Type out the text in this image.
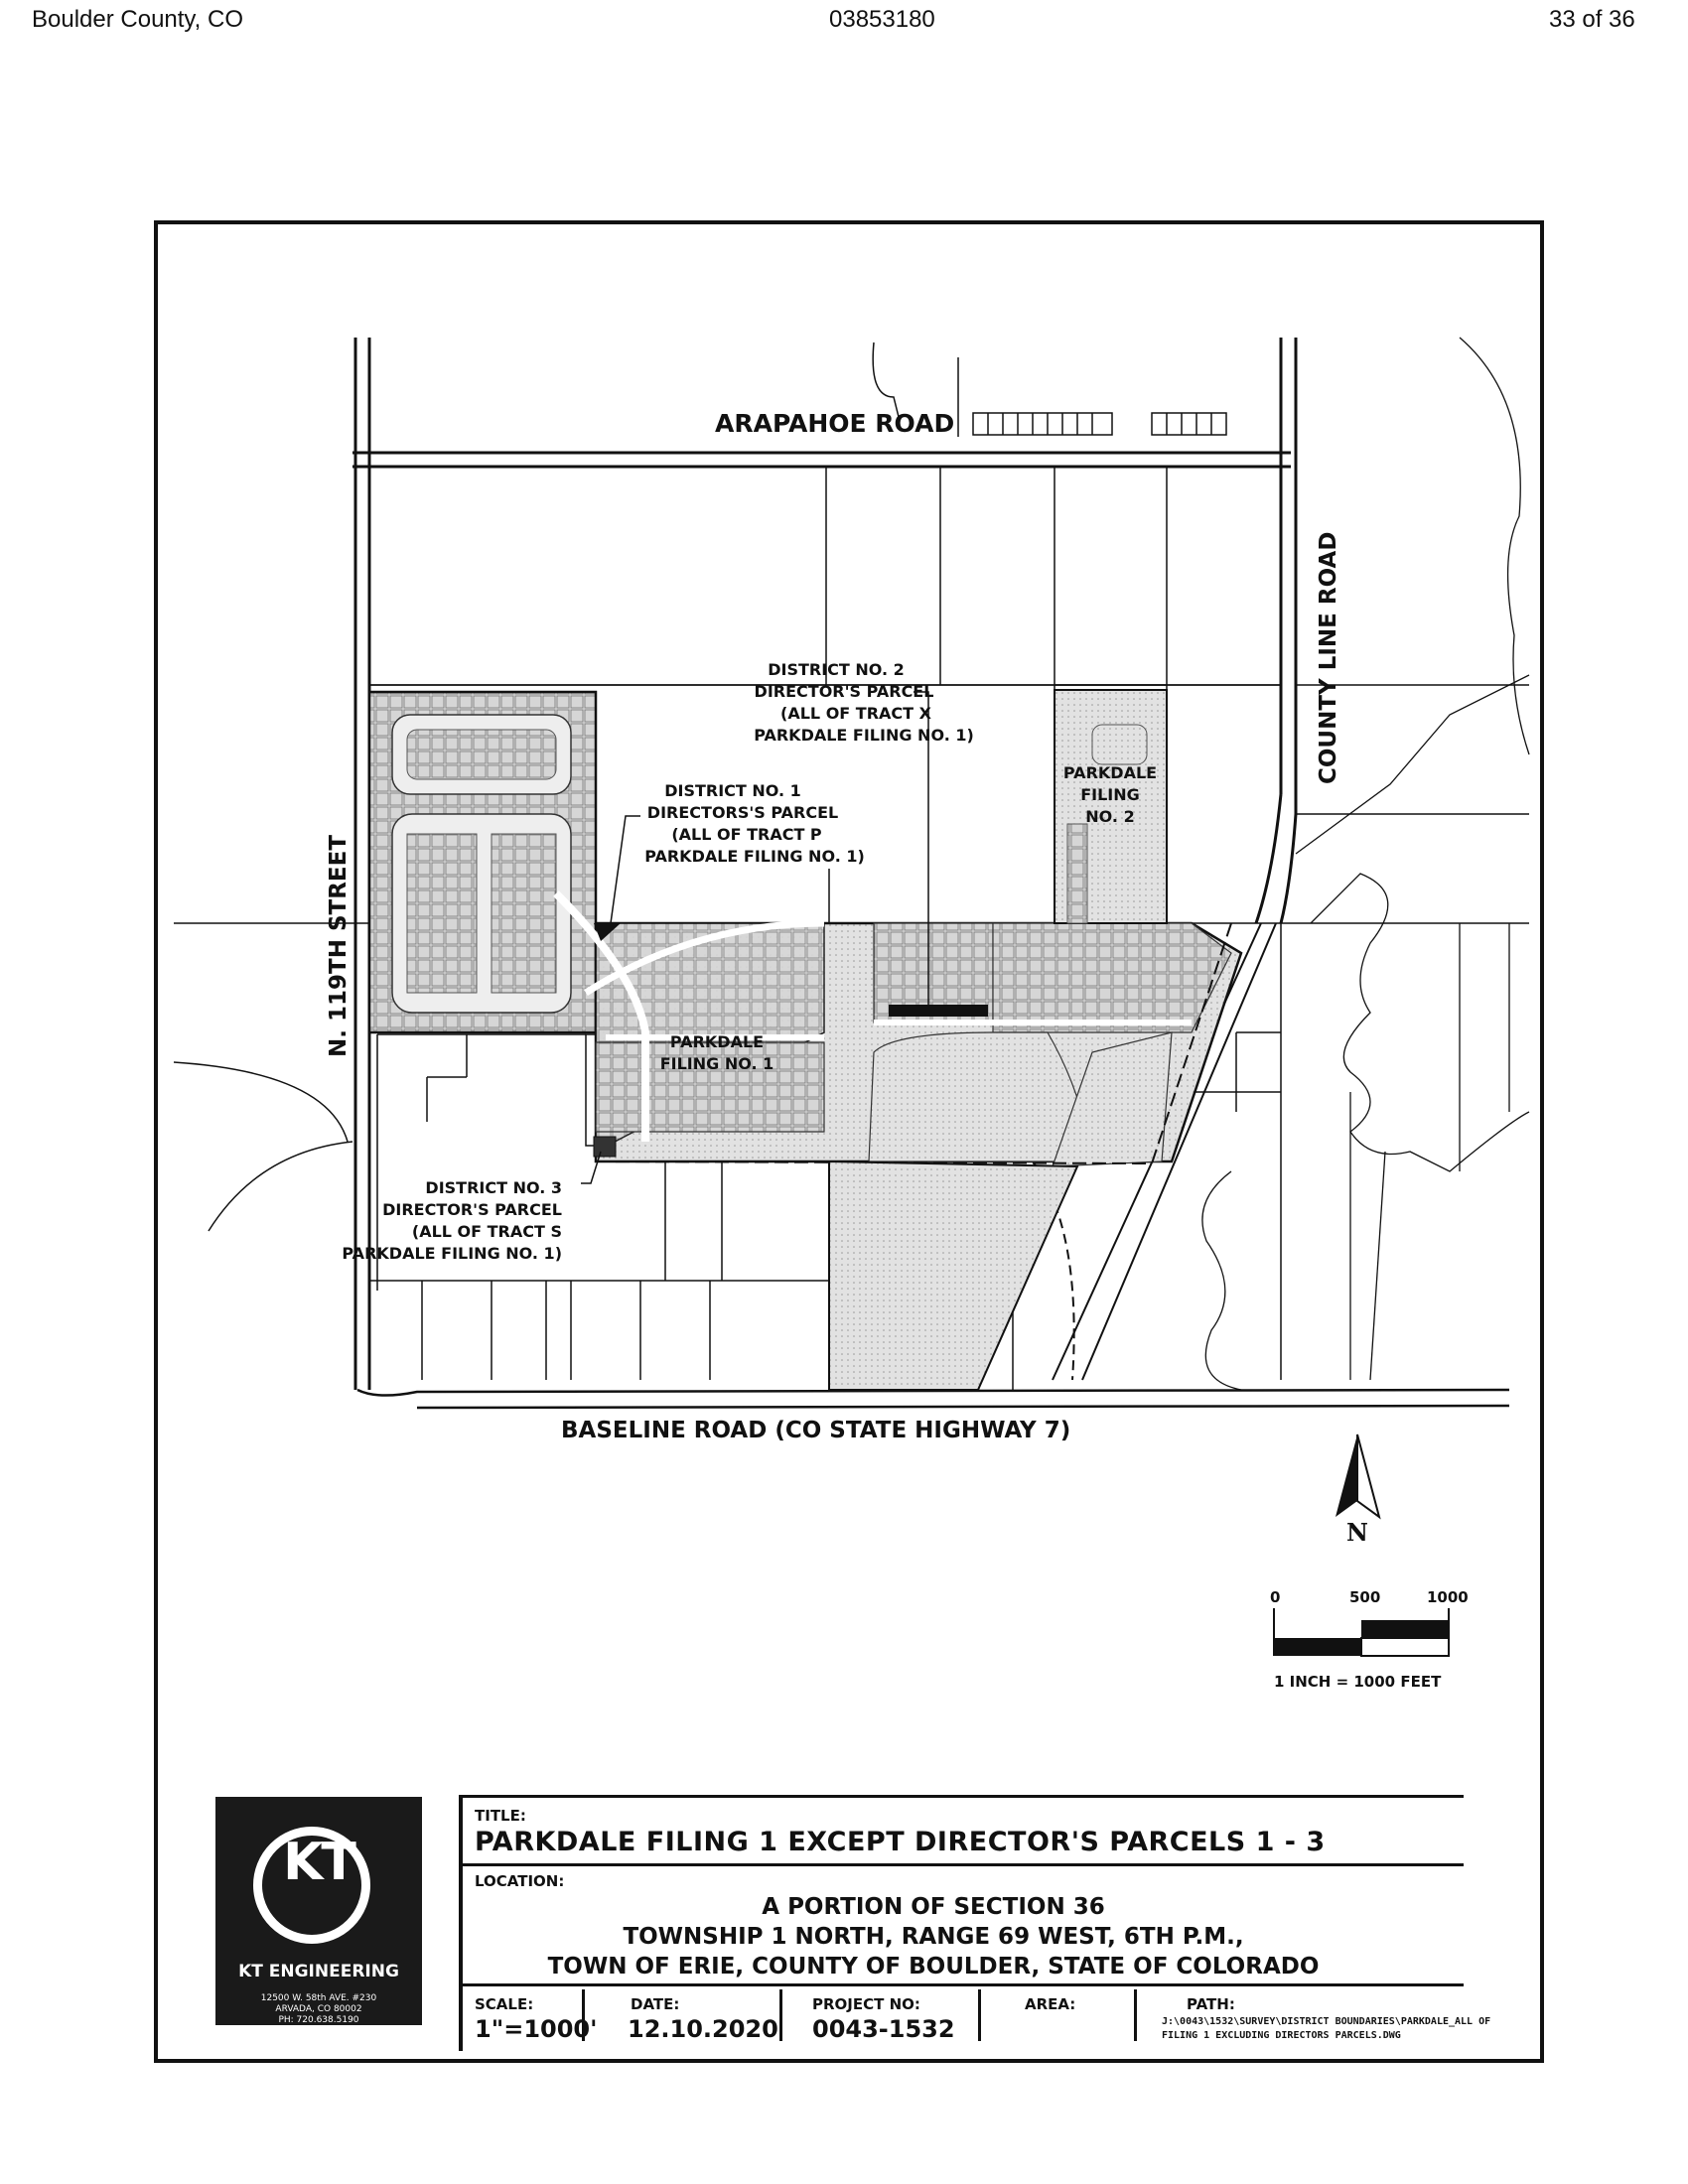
Boulder County, CO	03853180	33 of 36
ARAPAHOE ROAD
N. 119TH STREET
COUNTY LINE ROAD
BASELINE ROAD (CO STATE HIGHWAY 7)
DISTRICT NO. 2
DIRECTOR'S PARCEL
(ALL OF TRACT X
PARKDALE FILING NO. 1)
DISTRICT NO. 1
DIRECTORS'S PARCEL
(ALL OF TRACT P
PARKDALE FILING NO. 1)
DISTRICT NO. 3
DIRECTOR'S PARCEL
(ALL OF TRACT S
PARKDALE FILING NO. 1)
PARKDALE
FILING
NO. 2
PARKDALE
FILING NO. 1
N
0	500	1000
1 INCH = 1000 FEET
KT
KT ENGINEERING
12500 W. 58th AVE. #230
ARVADA, CO 80002
PH: 720.638.5190
TITLE:
PARKDALE FILING 1 EXCEPT DIRECTOR'S PARCELS 1 - 3
LOCATION:
A PORTION OF SECTION 36
TOWNSHIP 1 NORTH, RANGE 69 WEST, 6TH P.M.,
TOWN OF ERIE, COUNTY OF BOULDER, STATE OF COLORADO
SCALE:
1"=1000'
DATE:
12.10.2020
PROJECT NO:
0043-1532
AREA:	PATH:
J:\0043\1532\SURVEY\DISTRICT BOUNDARIES\PARKDALE_ALL OF
FILING 1 EXCLUDING DIRECTORS PARCELS.DWG
